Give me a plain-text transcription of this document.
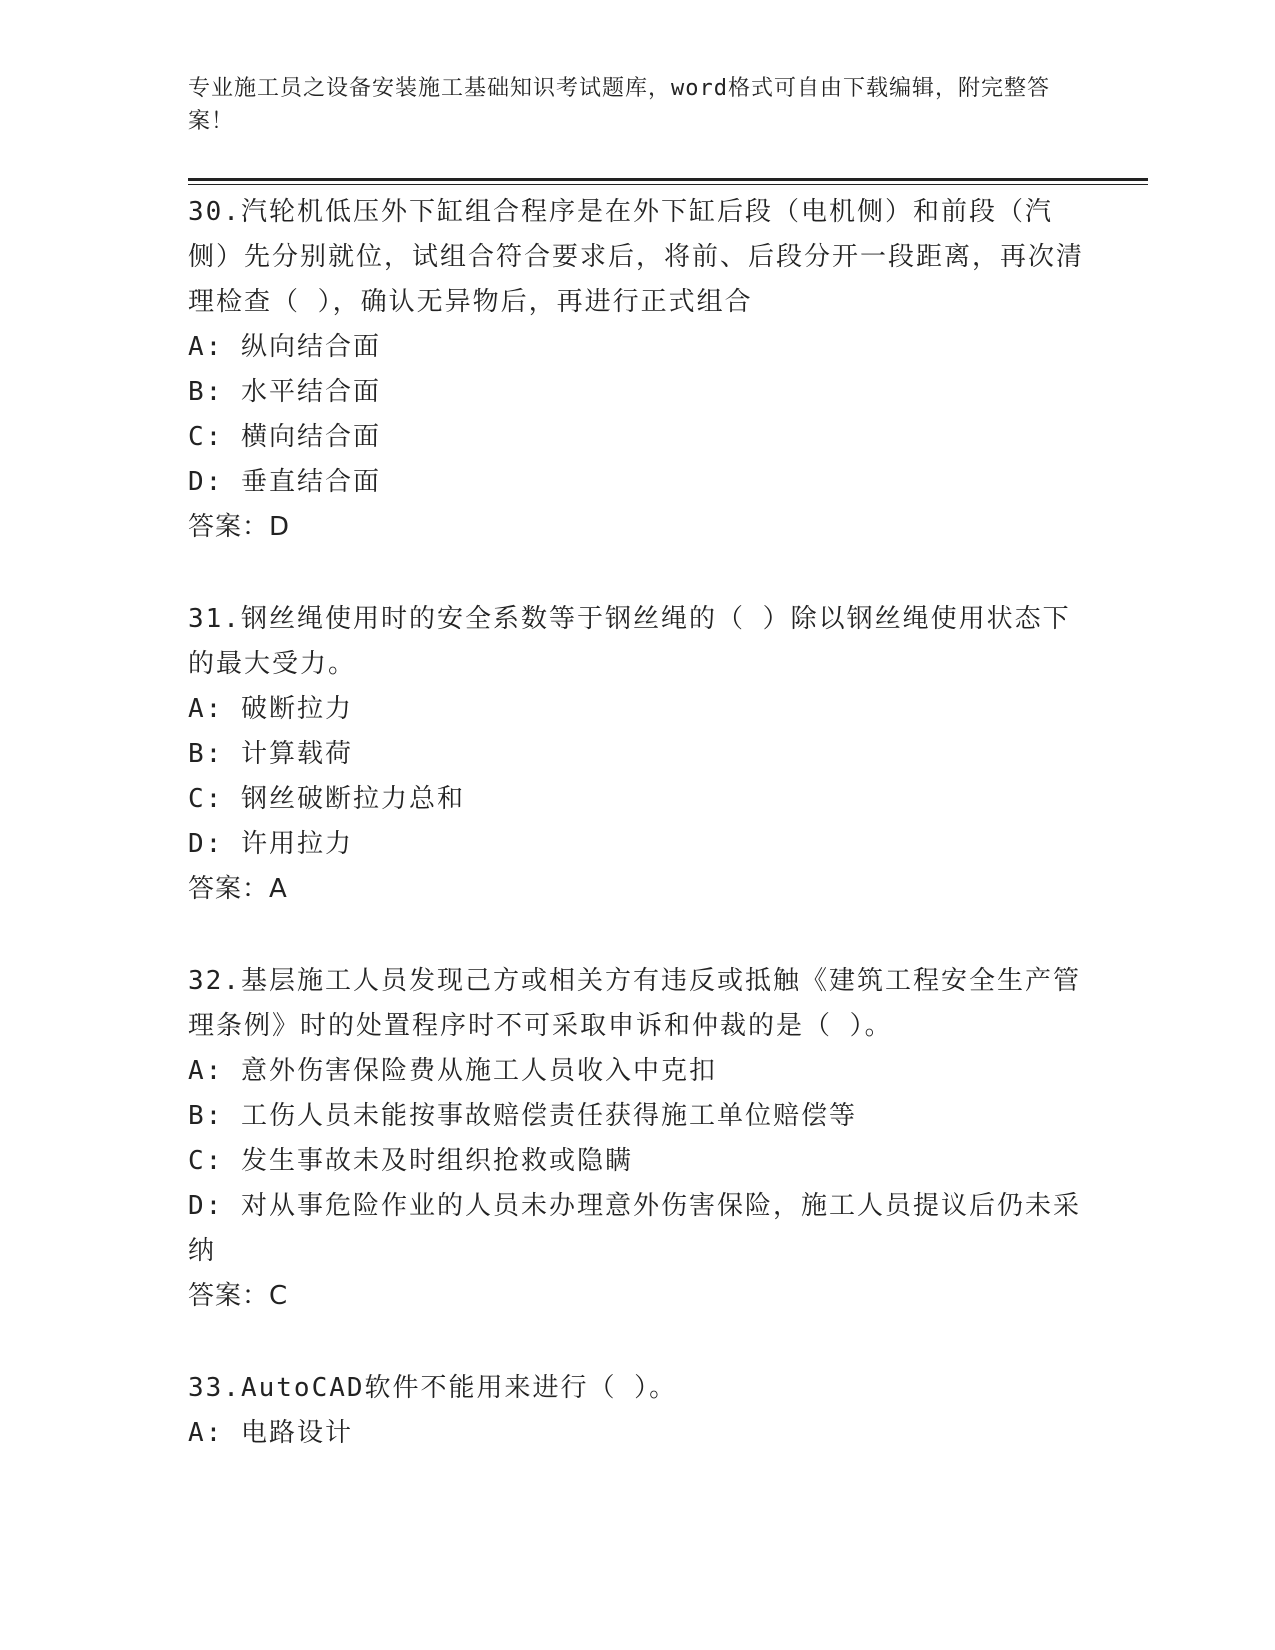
专业施工员之设备安装施工基础知识考试题库，word格式可自由下载编辑，附完整答案！

30.汽轮机低压外下缸组合程序是在外下缸后段（电机侧）和前段（汽侧）先分别就位，试组合符合要求后，将前、后段分开一段距离，再次清理检查（ ），确认无异物后，再进行正式组合

A: 纵向结合面

B: 水平结合面

C: 横向结合面

D: 垂直结合面

答案：D

31.钢丝绳使用时的安全系数等于钢丝绳的（ ）除以钢丝绳使用状态下的最大受力。

A: 破断拉力

B: 计算载荷

C: 钢丝破断拉力总和

D: 许用拉力

答案：A

32.基层施工人员发现己方或相关方有违反或抵触《建筑工程安全生产管理条例》时的处置程序时不可采取申诉和仲裁的是（ ）。

A: 意外伤害保险费从施工人员收入中克扣

B: 工伤人员未能按事故赔偿责任获得施工单位赔偿等

C: 发生事故未及时组织抢救或隐瞒

D: 对从事危险作业的人员未办理意外伤害保险，施工人员提议后仍未采纳

答案：C

33.AutoCAD软件不能用来进行（ ）。

A: 电路设计
